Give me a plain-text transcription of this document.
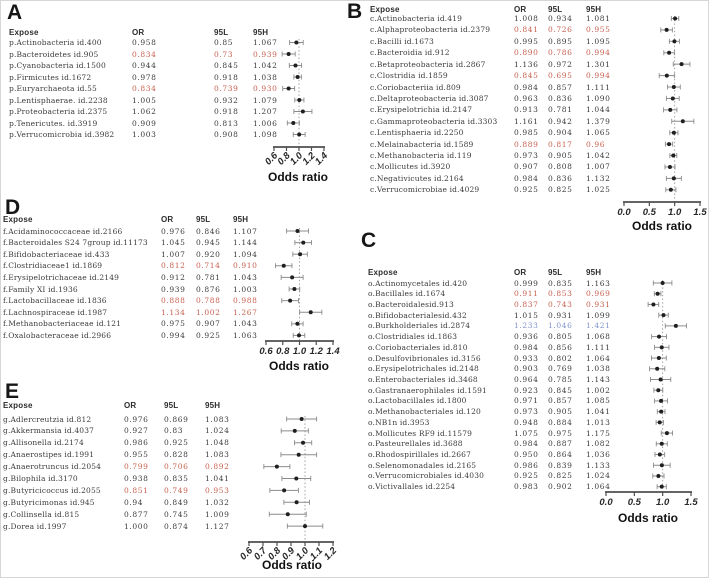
A	B
C
D
E
0.6
0.8
1.0
1.2
1.4
0.0 0.5 1.0 1.5
0.0 0.5 1.0 1.5
0.6 0.8 1.0 1.2 1.4
0.6
0.7
0.8
0.9
1.0
1.1
1.2
Expose	OR	95L	95H
p.Actinobacteria id.400	0.958	0.85	1.067
p.Bacteroidetes id.905	0.834	0.73	0.939
p.Cyanobacteria id.1500	0.944	0.845 1.042
p.Firmicutes id.1672	0.978	0.918 1.038
p.Euryarchaeota id.55	0.834	0.739 0.930
p.Lentisphaerae. id.2238	1.005	0.932 1.079
p.Proteobacteria id.2375	1.062	0.918 1.207
p.Tenericutes. id.3919	0.909	0.813 1.006
p.Verrucomicrobia id.3982 1.003	0.908 1.098
Expose	OR	95L	95H
c.Actinobacteria id.419	1.008 0.934 1.081
c.Alphaproteobacteria id.2379	0.841 0.726 0.955
c.Bacilli id.1673	0.995 0.895 1.095
c.Bacteroidia id.912	0.890 0.786 0.994
c.Betaproteobacteria id.2867	1.136 0.972 1.301
c.Clostridia id.1859	0.845 0.695 0.994
c.Coriobacteriia id.809	0.984 0.857 1.111
c.Deltaproteobacteria id.3087	0.963 0.836 1.090
c.Erysipelotrichia id.2147	0.913 0.781 1.044
c.Gammaproteobacteria id.3303 1.161 0.942 1.379
c.Lentisphaeria id.2250	0.985 0.904 1.065
c.Melainabacteria id.1589	0.889 0.817 0.96
c.Methanobacteria id.119	0.973 0.905 1.042
c.Mollicutes id.3920	0.907 0.808 1.007
c.Negativicutes id.2164	0.984 0.836 1.132
c.Verrucomicrobiae id.4029	0.925 0.825 1.025
Expose	OR	95L	95H
o.Actinomycetales id.420	0.999 0.835 1.163
o.Bacillales id.1674	0.911 0.853 0.969
o.Bacteroidalesid.913	0.837 0.743 0.931
o.Bifidobacterialesid.432	1.015 0.931 1.099
o.Burkholderiales id.2874	1.233 1.046 1.421
o.Clostridiales id.1863	0.936 0.805 1.068
o.Coriobacteriales id.810	0.984 0.856 1.111
o.Desulfovibrionales id.3156	0.933 0.802 1.064
o.Erysipelotrichales id.2148	0.903 0.769 1.038
o.Enterobacteriales id.3468	0.964 0.785 1.143
o.Gastranaerophilales id.1591	0.923 0.845 1.002
o.Lactobacillales id.1800	0.971 0.857 1.085
o.Methanobacteriales id.120	0.973 0.905 1.041
o.NB1n id.3953	0.948 0.884 1.013
o.Mollicutes RF9 id.11579	1.075 0.975 1.175
o.Pasteurellales id.3688	0.984 0.887 1.082
o.Rhodospirillales id.2667	0.950 0.864 1.036
o.Selenomonadales id.2165	0.986 0.839 1.133
o.Verrucomicrobiales id.4030	0.925 0.825 1.024
o.Victivallales id.2254	0.983 0.902 1.064
Expose	OR	95L	95H
f.Acidaminococcaceae id.2166	0.976 0.846 1.107
f.Bacteroidales S24 7group id.11173 1.045 0.945 1.144
f.Bifidobacteriaceae id.433	1.007 0.920 1.094
f.Clostridiaceae1 id.1869	0.812 0.714 0.910
f.Erysipelotrichaceae id.2149	0.912 0.781 1.043
f.Family XI id.1936	0.939 0.876 1.003
f.Lactobacillaceae id.1836	0.888 0.788 0.988
f.Lachnospiraceae id.1987	1.134 1.002 1.267
f.Methanobacteriaceae id.121	0.975 0.907 1.043
f.Oxalobacteraceae id.2966	0.994 0.925 1.063
Expose	OR	95L	95H
g.Adlercreutzia id.812	0.976 0.869 1.083
g.Akkermansia id.4037	0.927 0.83	1.024
g.Allisonella id.2174	0.986 0.925 1.048
g.Anaerostipes id.1991	0.955 0.828 1.083
g.Anaerotruncus id.2054	0.799 0.706 0.892
g.Bilophila id.3170	0.938 0.835 1.041
g.Butyricicoccus id.2055	0.851 0.749 0.953
g.Butyricimonas id.945	0.94	0.849 1.032
g.Collinsella id.815	0.877 0.745 1.009
g.Dorea id.1997	1.000 0.874 1.127
Odds ratio
Odds ratio
Odds ratio
Odds ratio
Odds ratio
